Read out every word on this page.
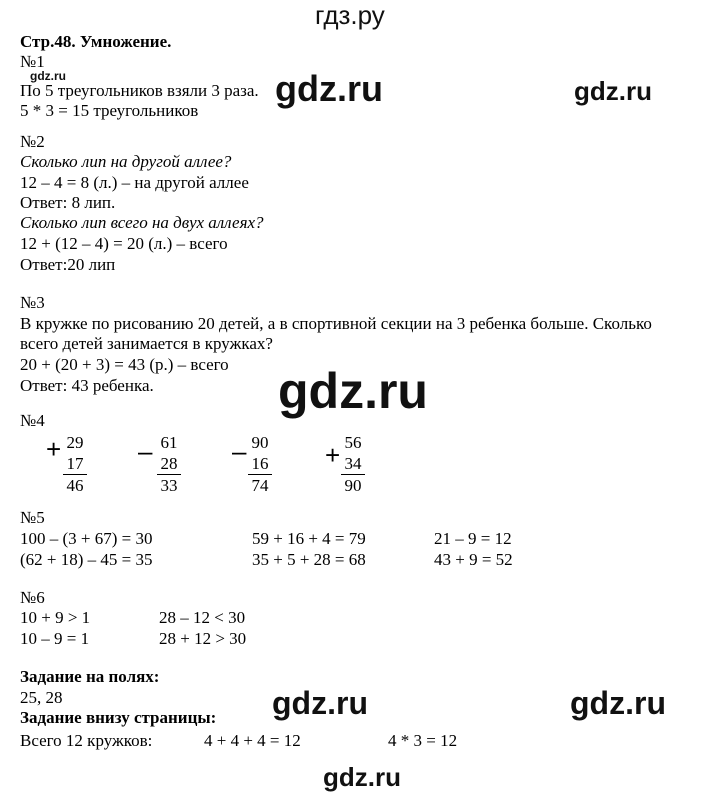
гдз.ру
Стр.48. Умножение.
№1
gdz.ru
По 5 треугольников взяли 3 раза.
5 * 3 = 15 треугольников
gdz.ru	gdz.ru
№2
Сколько лип на другой аллее?
12 – 4 = 8 (л.) – на другой аллее
Ответ: 8 лип.
Сколько лип всего на двух аллеях?
12 + (12 – 4) = 20 (л.) – всего
Ответ:20 лип
№3
В кружке по рисованию 20 детей, а в спортивной секции на 3 ребенка больше. Сколько
всего детей занимается в кружках?
20 + (20 + 3) = 43 (р.) – всего
Ответ: 43 ребенка. gdz.ru
№4
+ 29
17
46
– 61
28
33
– 90
16
74
+ 56
34
90
№5
100 – (3 + 67) = 30	59 + 16 + 4 = 79	21 – 9 = 12
(62 + 18) – 45 = 35	35 + 5 + 28 = 68	43 + 9 = 52
№6
10 + 9 > 1	28 – 12 < 30
10 – 9 = 1	28 + 12 > 30
Задание на полях:
25, 28
Задание внизу страницы:
Всего 12 кружков:	4 + 4 + 4 = 12	4 * 3 = 12
gdz.ru	gdz.ru
gdz.ru
